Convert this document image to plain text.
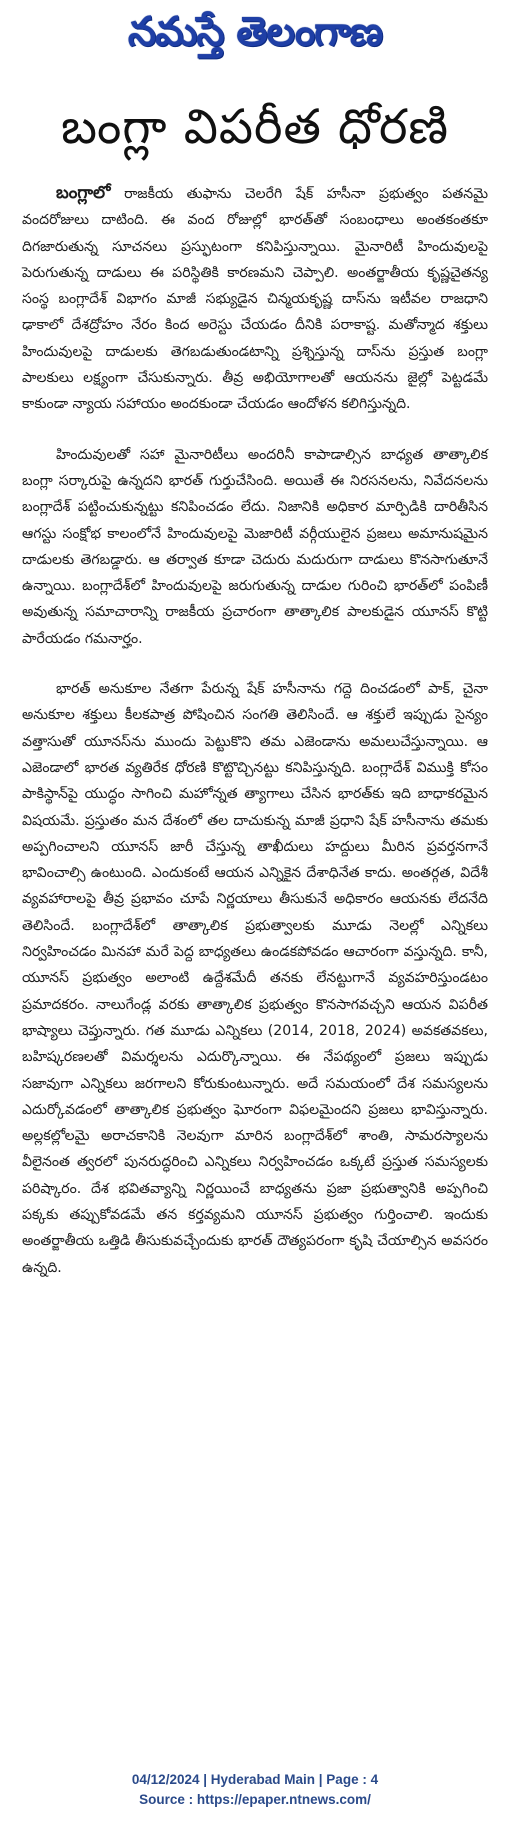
నమస్తే తెలంగాణ
బంగ్లా విపరీత ధోరణి

బంగ్లాలో రాజకీయ తుఫాను చెలరేగి షేక్ హసీనా ప్రభుత్వం పతనమై వందరోజులు దాటింది. ఈ వంద రోజుల్లో భారత్‌తో సంబంధాలు అంతకంతకూ దిగజారుతున్న సూచనలు ప్రస్ఫుటంగా కనిపిస్తున్నాయి. మైనారిటీ హిందువులపై పెరుగుతున్న దాడులు ఈ పరిస్థితికి కారణమని చెప్పాలి. అంతర్జాతీయ కృష్ణచైతన్య సంస్థ బంగ్లాదేశ్ విభాగం మాజీ సభ్యుడైన చిన్మయకృష్ణ దాస్‌ను ఇటీవల రాజధాని ఢాకాలో దేశద్రోహం నేరం కింద అరెస్టు చేయడం దీనికి పరాకాష్ట. మతోన్మాద శక్తులు హిందువులపై దాడులకు తెగబడుతుండటాన్ని ప్రశ్నిస్తున్న దాస్‌ను ప్రస్తుత బంగ్లా పాలకులు లక్ష్యంగా చేసుకున్నారు. తీవ్ర అభియోగాలతో ఆయనను జైల్లో పెట్టడమే కాకుండా న్యాయ సహాయం అందకుండా చేయడం ఆందోళన కలిగిస్తున్నది.

హిందువులతో సహా మైనారిటీలు అందరినీ కాపాడాల్సిన బాధ్యత తాత్కాలిక బంగ్లా సర్కారుపై ఉన్నదని భారత్ గుర్తుచేసింది. అయితే ఈ నిరసనలను, నివేదనలను బంగ్లాదేశ్ పట్టించుకున్నట్టు కనిపించడం లేదు. నిజానికి అధికార మార్పిడికి దారితీసిన ఆగస్టు సంక్షోభ కాలంలోనే హిందువులపై మెజారిటీ వర్గీయులైన ప్రజలు అమానుషమైన దాడులకు తెగబడ్డారు. ఆ తర్వాత కూడా చెదురు మదురుగా దాడులు కొనసాగుతూనే ఉన్నాయి. బంగ్లాదేశ్‌లో హిందువులపై జరుగుతున్న దాడుల గురించి భారత్‌లో పంపిణీ అవుతున్న సమాచారాన్ని రాజకీయ ప్రచారంగా తాత్కాలిక పాలకుడైన యూనస్ కొట్టి పారేయడం గమనార్హం.

భారత్ అనుకూల నేతగా పేరున్న షేక్ హసీనాను గద్దె దించడంలో పాక్, చైనా అనుకూల శక్తులు కీలకపాత్ర పోషించిన సంగతి తెలిసిందే. ఆ శక్తులే ఇప్పుడు సైన్యం వత్తాసుతో యూనస్‌ను ముందు పెట్టుకొని తమ ఎజెండాను అమలుచేస్తున్నాయి. ఆ ఎజెండాలో భారత వ్యతిరేక ధోరణి కొట్టొచ్చినట్టు కనిపిస్తున్నది. బంగ్లాదేశ్ విముక్తి కోసం పాకిస్థాన్‌పై యుద్ధం సాగించి మహోన్నత త్యాగాలు చేసిన భారత్‌కు ఇది బాధాకరమైన విషయమే. ప్రస్తుతం మన దేశంలో తల దాచుకున్న మాజీ ప్రధాని షేక్ హసీనాను తమకు అప్పగించాలని యూనస్ జారీ చేస్తున్న తాఖీదులు హద్దులు మీరిన ప్రవర్తనగానే భావించాల్సి ఉంటుంది. ఎందుకంటే ఆయన ఎన్నికైన దేశాధినేత కాదు. అంతర్గత, విదేశీ వ్యవహారాలపై తీవ్ర ప్రభావం చూపే నిర్ణయాలు తీసుకునే అధికారం ఆయనకు లేదనేది తెలిసిందే. బంగ్లాదేశ్‌లో తాత్కాలిక ప్రభుత్వాలకు మూడు నెలల్లో ఎన్నికలు నిర్వహించడం మినహా మరే పెద్ద బాధ్యతలు ఉండకపోవడం ఆచారంగా వస్తున్నది. కానీ, యూనస్ ప్రభుత్వం అలాంటి ఉద్దేశమేదీ తనకు లేనట్టుగానే వ్యవహరిస్తుండటం ప్రమాదకరం. నాలుగేండ్ల వరకు తాత్కాలిక ప్రభుత్వం కొనసాగవచ్చని ఆయన విపరీత భాష్యాలు చెప్తున్నారు. గత మూడు ఎన్నికలు (2014, 2018, 2024) అవకతవకలు, బహిష్కరణలతో విమర్శలను ఎదుర్కొన్నాయి. ఈ నేపథ్యంలో ప్రజలు ఇప్పుడు సజావుగా ఎన్నికలు జరగాలని కోరుకుంటున్నారు. అదే సమయంలో దేశ సమస్యలను ఎదుర్కోవడంలో తాత్కాలిక ప్రభుత్వం ఘోరంగా విఫలమైందని ప్రజలు భావిస్తున్నారు. అల్లకల్లోలమై అరాచకానికి నెలవుగా మారిన బంగ్లాదేశ్‌లో శాంతి, సామరస్యాలను వీలైనంత త్వరలో పునరుద్ధరించి ఎన్నికలు నిర్వహించడం ఒక్కటే ప్రస్తుత సమస్యలకు పరిష్కారం. దేశ భవితవ్యాన్ని నిర్ణయించే బాధ్యతను ప్రజా ప్రభుత్వానికి అప్పగించి పక్కకు తప్పుకోవడమే తన కర్తవ్యమని యూనస్ ప్రభుత్వం గుర్తించాలి. ఇందుకు అంతర్జాతీయ ఒత్తిడి తీసుకువచ్చేందుకు భారత్ దౌత్యపరంగా కృషి చేయాల్సిన అవసరం ఉన్నది.

04/12/2024 | Hyderabad Main | Page : 4
Source : https://epaper.ntnews.com/
